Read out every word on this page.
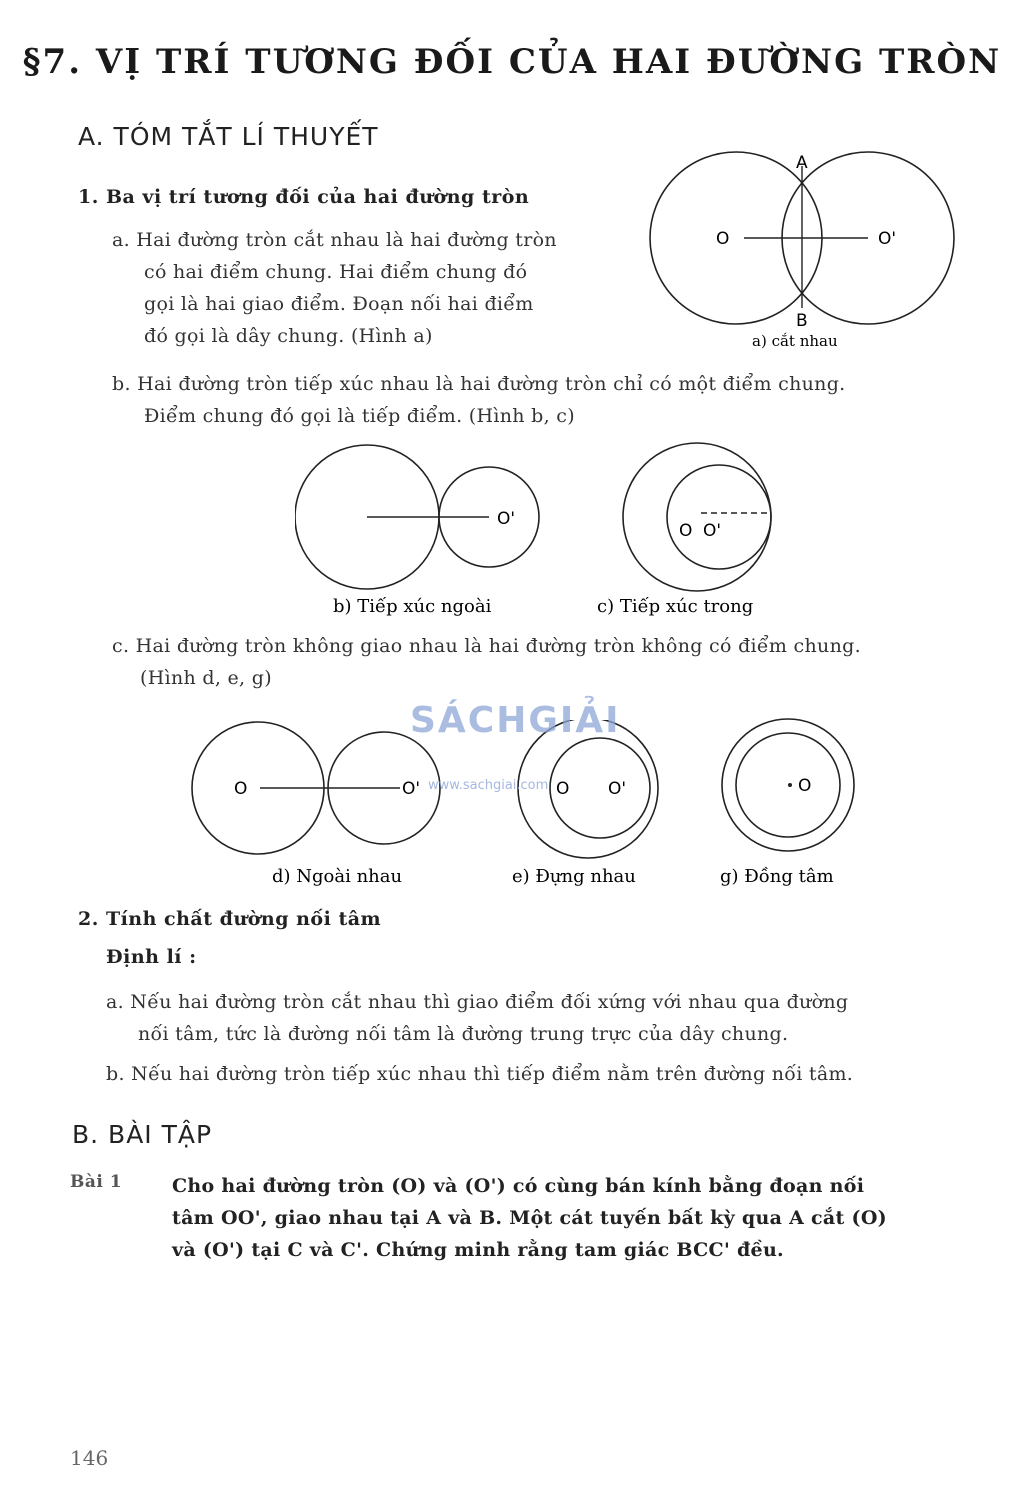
§7. VỊ TRÍ TƯƠNG ĐỐI CỦA HAI ĐƯỜNG TRÒN
A. TÓM TẮT LÍ THUYẾT
1. Ba vị trí tương đối của hai đường tròn
a. Hai đường tròn cắt nhau là hai đường tròn
có hai điểm chung. Hai điểm chung đó
gọi là hai giao điểm. Đoạn nối hai điểm
đó gọi là dây chung. (Hình a)
O	O'
A
B
a) cắt nhau
b. Hai đường tròn tiếp xúc nhau là hai đường tròn chỉ có một điểm chung.
Điểm chung đó gọi là tiếp điểm. (Hình b, c)
O'
b) Tiếp xúc ngoài
O O'
c) Tiếp xúc trong
c. Hai đường tròn không giao nhau là hai đường tròn không có điểm chung.
(Hình d, e, g)
O	O'
d) Ngoài nhau
O O'
e) Đựng nhau
O
g) Đồng tâm
SÁCHGIẢI
www.sachgiai.com
2. Tính chất đường nối tâm
Định lí :
a. Nếu hai đường tròn cắt nhau thì giao điểm đối xứng với nhau qua đường
nối tâm, tức là đường nối tâm là đường trung trực của dây chung.
b. Nếu hai đường tròn tiếp xúc nhau thì tiếp điểm nằm trên đường nối tâm.
B. BÀI TẬP
Bài 1	Cho hai đường tròn (O) và (O') có cùng bán kính bằng đoạn nối
tâm OO', giao nhau tại A và B. Một cát tuyến bất kỳ qua A cắt (O)
và (O') tại C và C'. Chứng minh rằng tam giác BCC' đều.
146
